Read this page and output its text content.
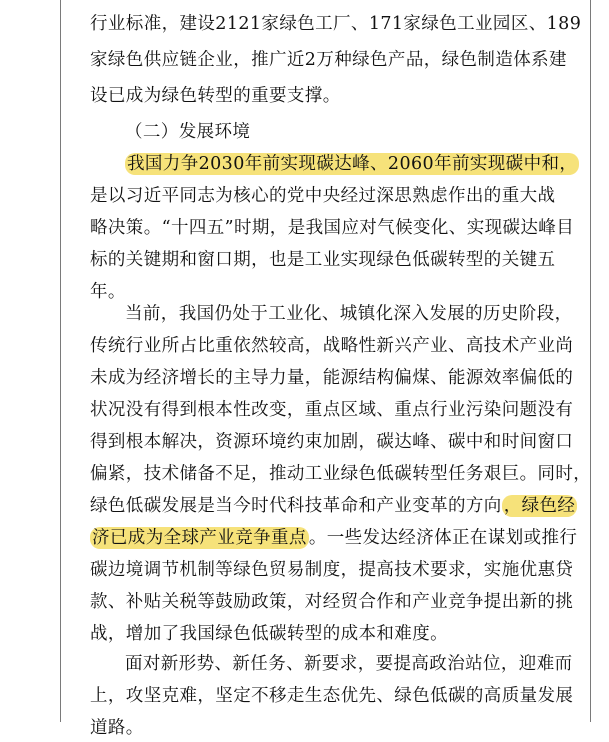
行业标准，建设2121家绿色工厂、171家绿色工业园区、189
家绿色供应链企业，推广近2万种绿色产品，绿色制造体系建
设已成为绿色转型的重要支撑。
（二）发展环境
我国力争2030年前实现碳达峰、2060年前实现碳中和，
是以习近平同志为核心的党中央经过深思熟虑作出的重大战
略决策。“十四五”时期，是我国应对气候变化、实现碳达峰目
标的关键期和窗口期，也是工业实现绿色低碳转型的关键五
年。
当前，我国仍处于工业化、城镇化深入发展的历史阶段，
传统行业所占比重依然较高，战略性新兴产业、高技术产业尚
未成为经济增长的主导力量，能源结构偏煤、能源效率偏低的
状况没有得到根本性改变，重点区域、重点行业污染问题没有
得到根本解决，资源环境约束加剧，碳达峰、碳中和时间窗口
偏紧，技术储备不足，推动工业绿色低碳转型任务艰巨。同时，
绿色低碳发展是当今时代科技革命和产业变革的方向 ，绿色经
济已成为全球产业竞争重点 。一些发达经济体正在谋划或推行
碳边境调节机制等绿色贸易制度，提高技术要求，实施优惠贷
款、补贴关税等鼓励政策，对经贸合作和产业竞争提出新的挑
战，增加了我国绿色低碳转型的成本和难度。
面对新形势、新任务、新要求，要提高政治站位，迎难而
上，攻坚克难，坚定不移走生态优先、绿色低碳的高质量发展
道路。
